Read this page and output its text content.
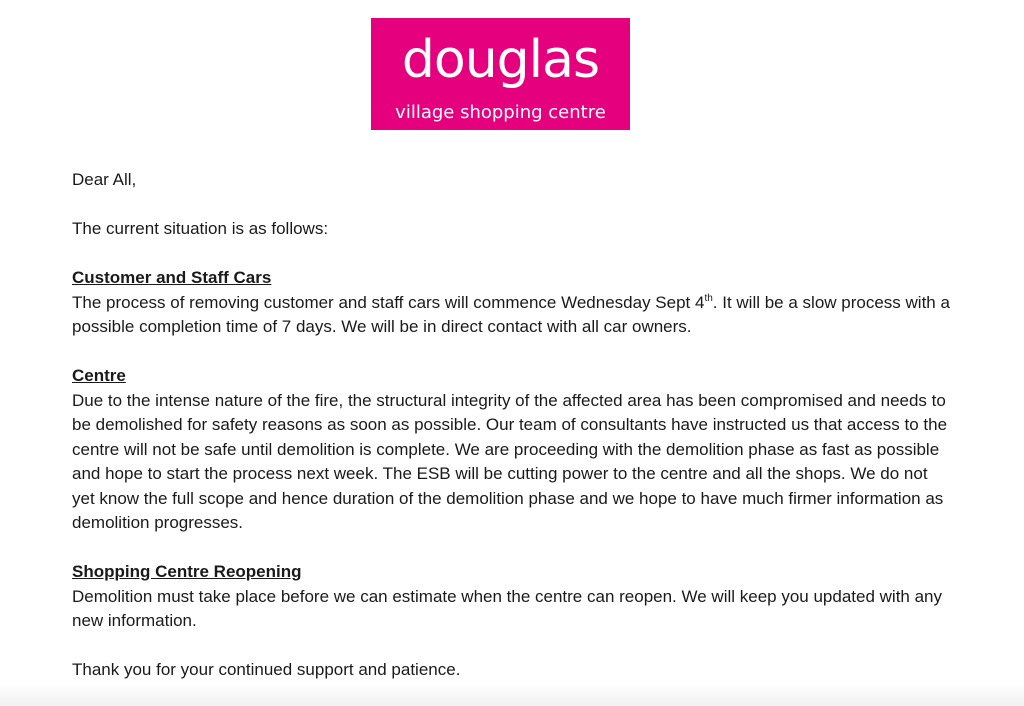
douglas
village shopping centre

Dear All,

The current situation is as follows:

Customer and Staff Cars
The process of removing customer and staff cars will commence Wednesday Sept 4th. It will be a slow process with a possible completion time of 7 days. We will be in direct contact with all car owners.

Centre
Due to the intense nature of the fire, the structural integrity of the affected area has been compromised and needs to be demolished for safety reasons as soon as possible. Our team of consultants have instructed us that access to the centre will not be safe until demolition is complete. We are proceeding with the demolition phase as fast as possible and hope to start the process next week. The ESB will be cutting power to the centre and all the shops. We do not yet know the full scope and hence duration of the demolition phase and we hope to have much firmer information as demolition progresses.

Shopping Centre Reopening
Demolition must take place before we can estimate when the centre can reopen. We will keep you updated with any new information.

Thank you for your continued support and patience.
